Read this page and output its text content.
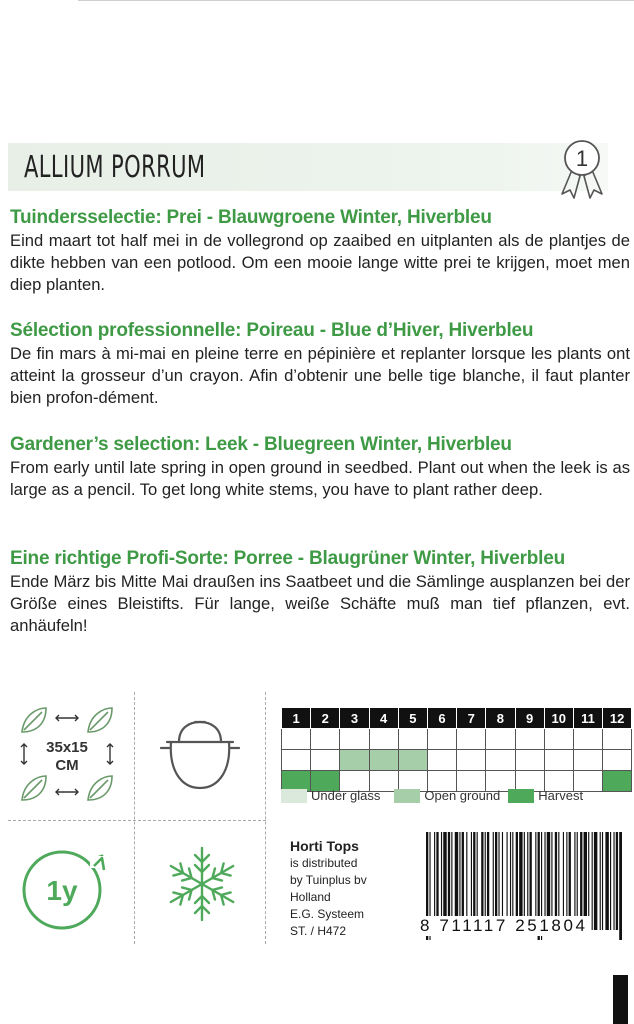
ALLIUM PORRUM	1
Tuindersselectie: Prei - Blauwgroene Winter, Hiverbleu
Eind maart tot half mei in de vollegrond op zaaibed en uitplanten als de plantjes de dikte hebben van een potlood. Om een mooie lange witte prei te krijgen, moet men diep planten.
Sélection professionnelle: Poireau - Blue d’Hiver, Hiverbleu
De fin mars à mi-mai en pleine terre en pépinière et replanter lorsque les plants ont atteint la grosseur d’un crayon. Afin d’obtenir une belle tige blanche, il faut planter bien profon-dément.
Gardener’s selection: Leek - Bluegreen Winter, Hiverbleu
From early until late spring in open ground in seedbed. Plant out when the leek is as large as a pencil. To get long white stems, you have to plant rather deep.
Eine richtige Profi-Sorte: Porree - Blaugrüner Winter, Hiverbleu
Ende März bis Mitte Mai draußen ins Saatbeet und die Sämlinge ausplanzen bei der Größe eines Bleistifts. Für lange, weiße Schäfte muß man tief pflanzen, evt. anhäufeln!
35x15
CM
1y
1	2	3	4	5	6	7	8	9	10	11	12

Under glass	Open ground	Harvest
Horti Tops
is distributed
by Tuinplus bv
Holland
E.G. Systeem
ST. / H472	8 711117 251804
